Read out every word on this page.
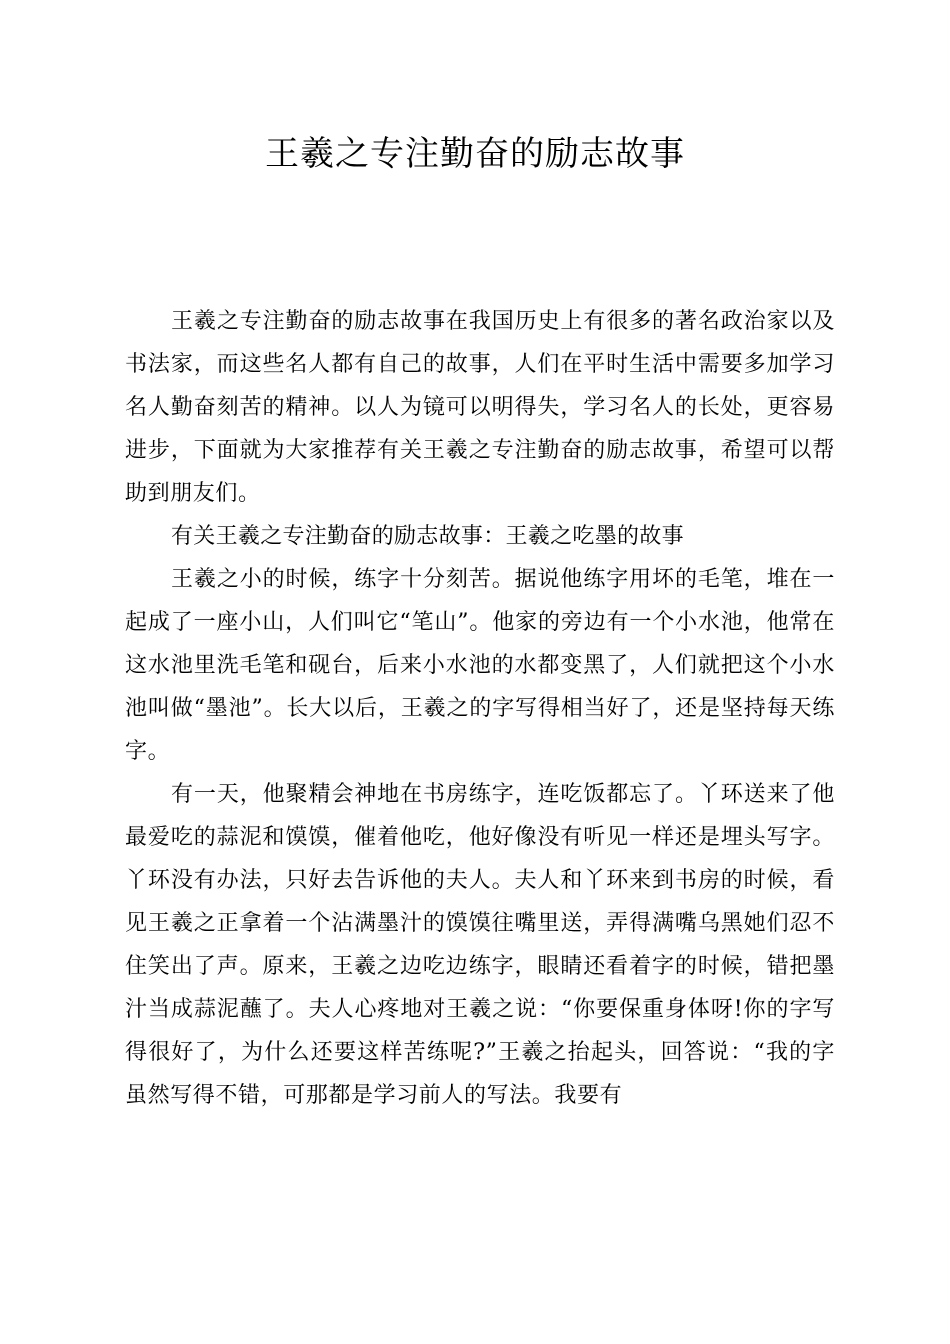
王羲之专注勤奋的励志故事

王羲之专注勤奋的励志故事在我国历史上有很多的著名政治家以及书法家，而这些名人都有自己的故事，人们在平时生活中需要多加学习名人勤奋刻苦的精神。以人为镜可以明得失，学习名人的长处，更容易进步，下面就为大家推荐有关王羲之专注勤奋的励志故事，希望可以帮助到朋友们。

有关王羲之专注勤奋的励志故事：王羲之吃墨的故事

王羲之小的时候，练字十分刻苦。据说他练字用坏的毛笔，堆在一起成了一座小山，人们叫它“笔山”。他家的旁边有一个小水池，他常在这水池里洗毛笔和砚台，后来小水池的水都变黑了，人们就把这个小水池叫做“墨池”。长大以后，王羲之的字写得相当好了，还是坚持每天练字。

有一天，他聚精会神地在书房练字，连吃饭都忘了。丫环送来了他最爱吃的蒜泥和馍馍，催着他吃，他好像没有听见一样还是埋头写字。丫环没有办法，只好去告诉他的夫人。夫人和丫环来到书房的时候，看见王羲之正拿着一个沾满墨汁的馍馍往嘴里送，弄得满嘴乌黑她们忍不住笑出了声。原来，王羲之边吃边练字，眼睛还看着字的时候，错把墨汁当成蒜泥蘸了。夫人心疼地对王羲之说：“你要保重身体呀!你的字写得很好了，为什么还要这样苦练呢?”王羲之抬起头，回答说：“我的字虽然写得不错，可那都是学习前人的写法。我要有
